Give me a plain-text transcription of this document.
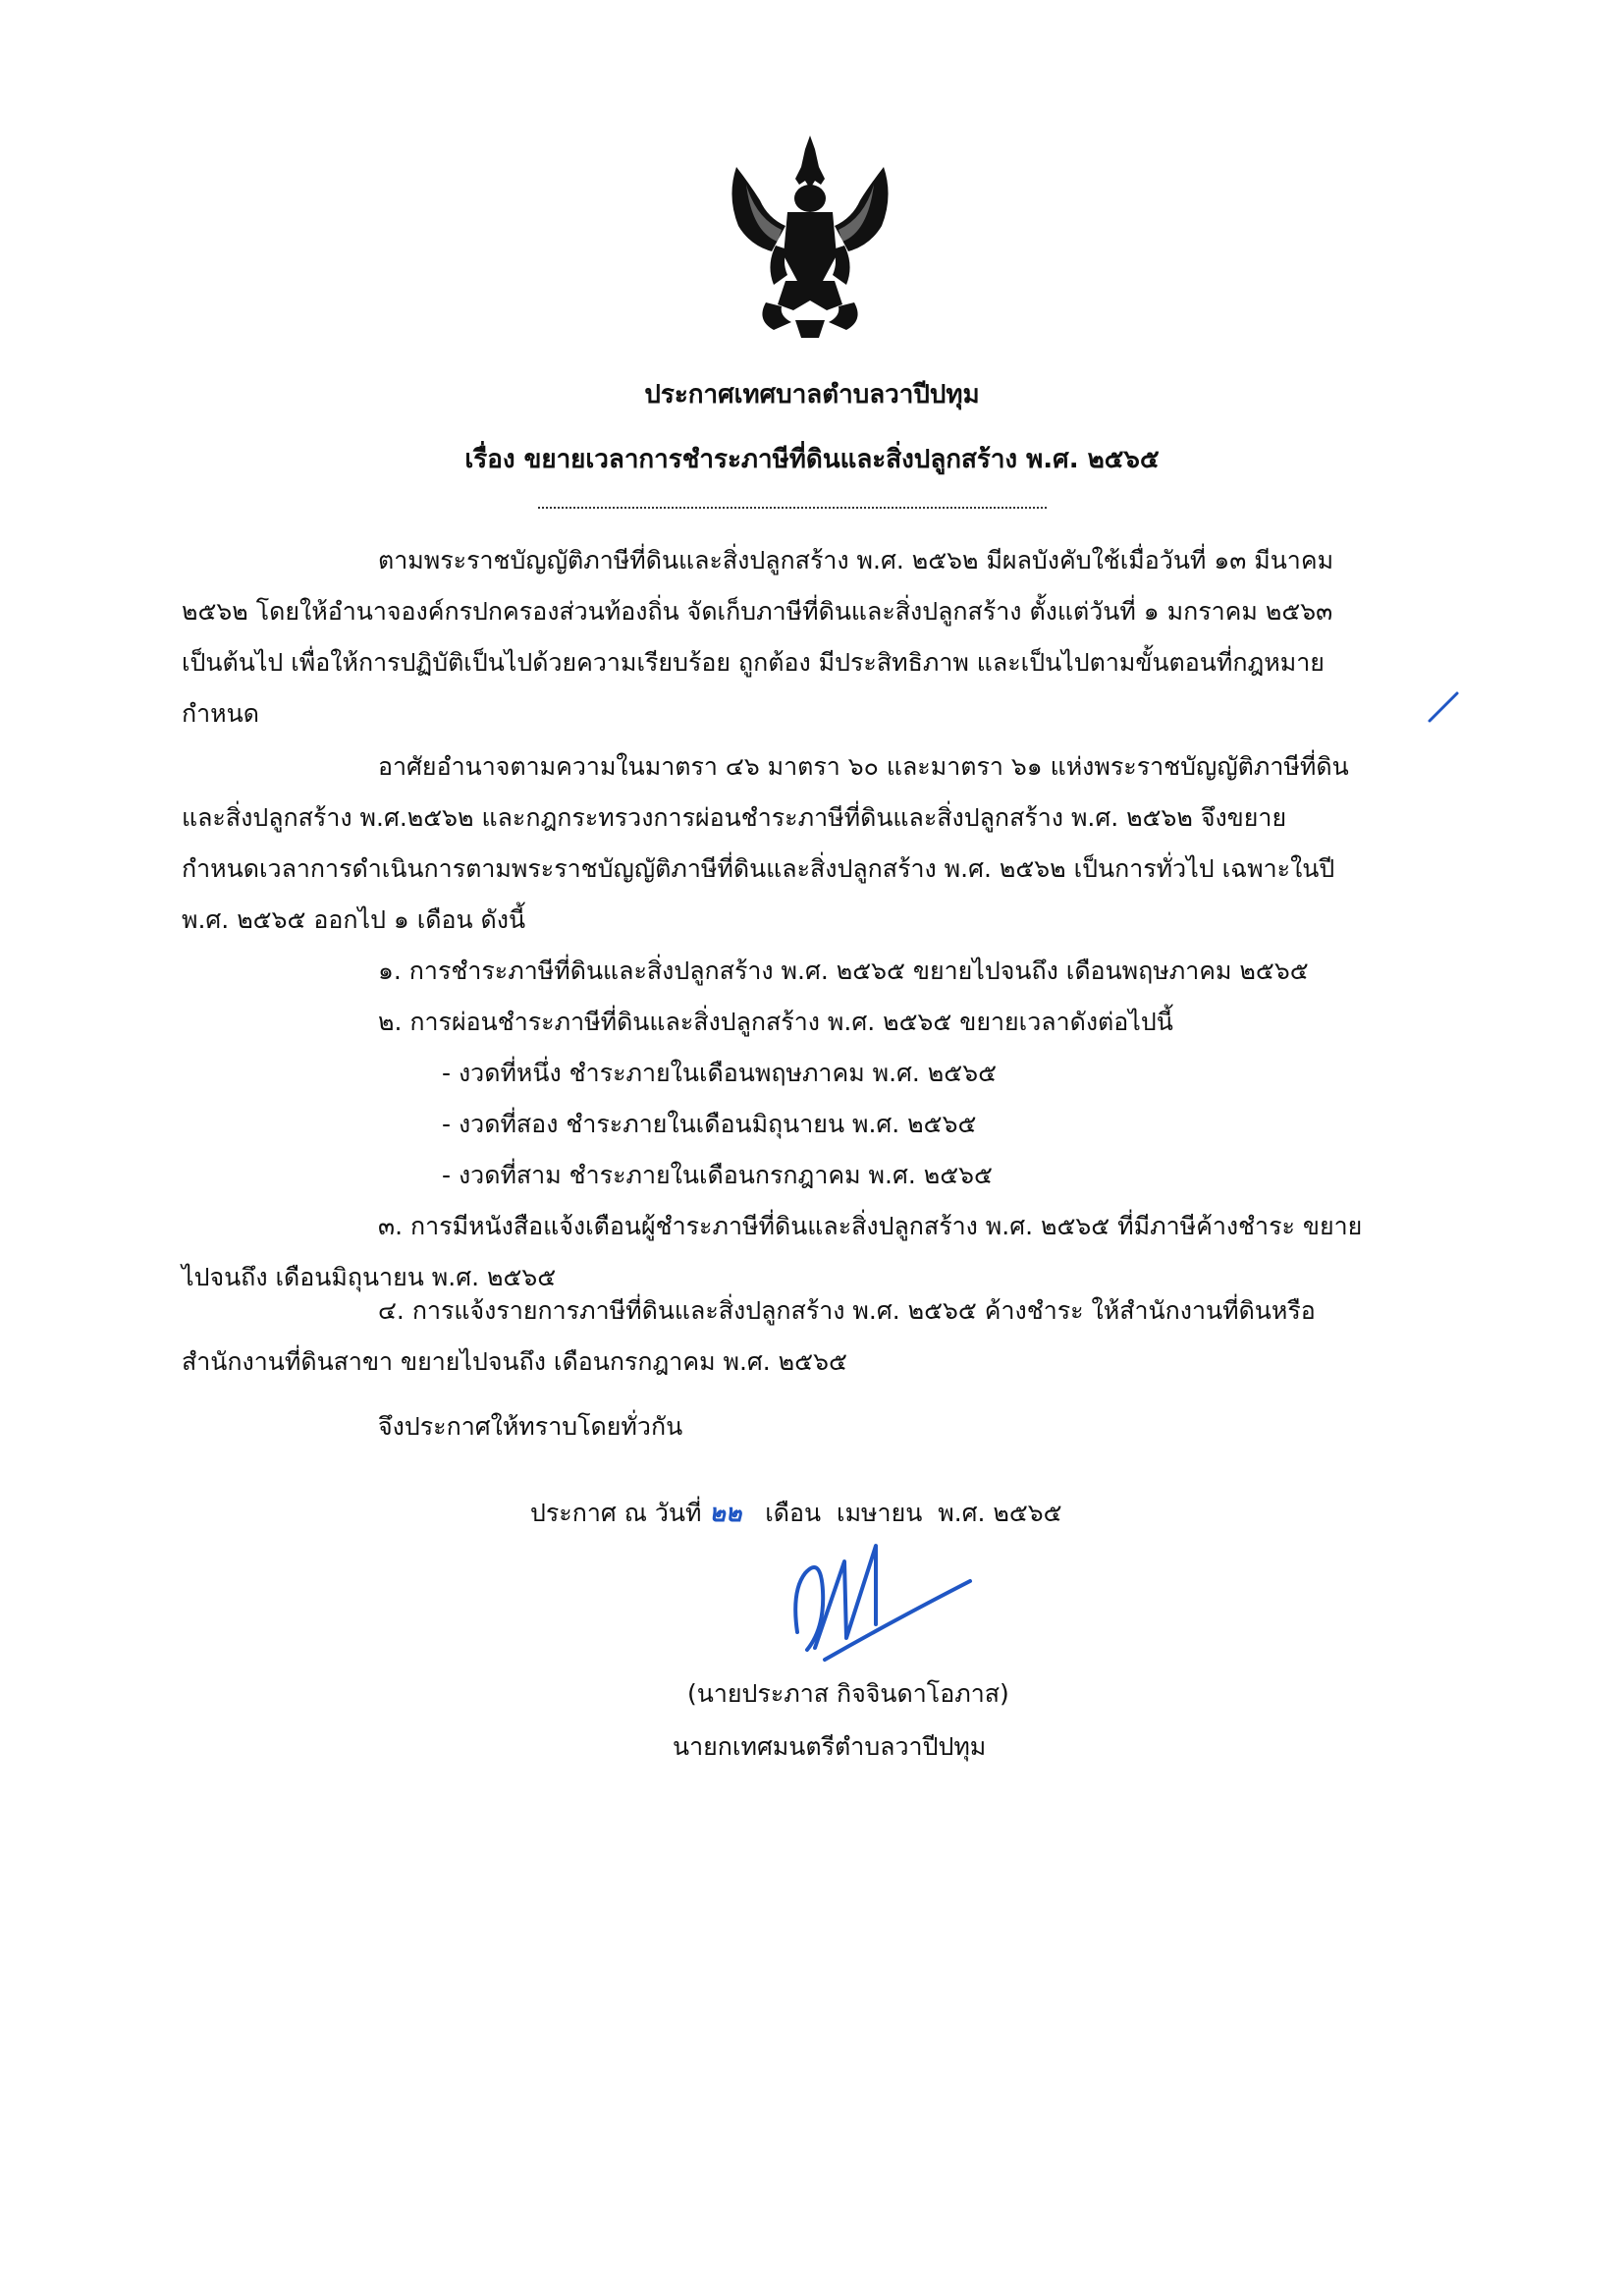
ประกาศเทศบาลตำบลวาปีปทุม
เรื่อง ขยายเวลาการชำระภาษีที่ดินและสิ่งปลูกสร้าง พ.ศ. ๒๕๖๕
ตามพระราชบัญญัติภาษีที่ดินและสิ่งปลูกสร้าง พ.ศ. ๒๕๖๒ มีผลบังคับใช้เมื่อวันที่ ๑๓ มีนาคม
๒๕๖๒ โดยให้อำนาจองค์กรปกครองส่วนท้องถิ่น จัดเก็บภาษีที่ดินและสิ่งปลูกสร้าง ตั้งแต่วันที่ ๑ มกราคม ๒๕๖๓
เป็นต้นไป เพื่อให้การปฏิบัติเป็นไปด้วยความเรียบร้อย ถูกต้อง มีประสิทธิภาพ และเป็นไปตามขั้นตอนที่กฎหมาย
กำหนด
อาศัยอำนาจตามความในมาตรา ๔๖ มาตรา ๖๐ และมาตรา ๖๑ แห่งพระราชบัญญัติภาษีที่ดิน
และสิ่งปลูกสร้าง พ.ศ.๒๕๖๒ และกฎกระทรวงการผ่อนชำระภาษีที่ดินและสิ่งปลูกสร้าง พ.ศ. ๒๕๖๒ จึงขยาย
กำหนดเวลาการดำเนินการตามพระราชบัญญัติภาษีที่ดินและสิ่งปลูกสร้าง พ.ศ. ๒๕๖๒ เป็นการทั่วไป เฉพาะในปี
พ.ศ. ๒๕๖๕ ออกไป ๑ เดือน ดังนี้
๑. การชำระภาษีที่ดินและสิ่งปลูกสร้าง พ.ศ. ๒๕๖๕ ขยายไปจนถึง เดือนพฤษภาคม ๒๕๖๕
๒. การผ่อนชำระภาษีที่ดินและสิ่งปลูกสร้าง พ.ศ. ๒๕๖๕ ขยายเวลาดังต่อไปนี้
- งวดที่หนึ่ง ชำระภายในเดือนพฤษภาคม พ.ศ. ๒๕๖๕
- งวดที่สอง ชำระภายในเดือนมิถุนายน พ.ศ. ๒๕๖๕
- งวดที่สาม ชำระภายในเดือนกรกฎาคม พ.ศ. ๒๕๖๕
๓. การมีหนังสือแจ้งเตือนผู้ชำระภาษีที่ดินและสิ่งปลูกสร้าง พ.ศ. ๒๕๖๕ ที่มีภาษีค้างชำระ ขยาย
ไปจนถึง เดือนมิถุนายน พ.ศ. ๒๕๖๕
๔. การแจ้งรายการภาษีที่ดินและสิ่งปลูกสร้าง พ.ศ. ๒๕๖๕ ค้างชำระ ให้สำนักงานที่ดินหรือ
สำนักงานที่ดินสาขา ขยายไปจนถึง เดือนกรกฎาคม พ.ศ. ๒๕๖๕
จึงประกาศให้ทราบโดยทั่วกัน
ประกาศ ณ วันที่ ๒๒ เดือน เมษายน พ.ศ. ๒๕๖๕
(นายประภาส กิจจินดาโอภาส)
นายกเทศมนตรีตำบลวาปีปทุม
